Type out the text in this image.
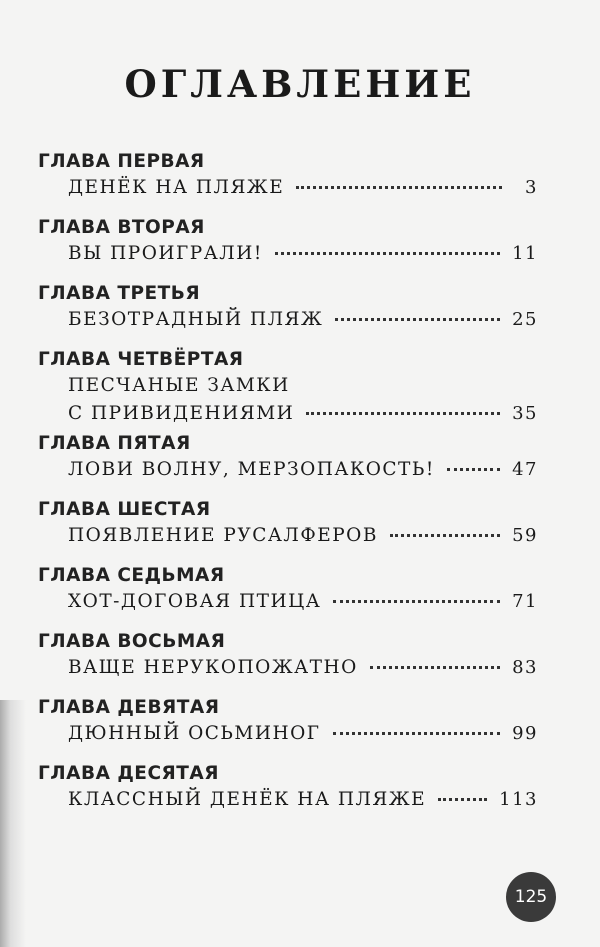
ОГЛАВЛЕНИЕ
ГЛАВА ПЕРВАЯ
ДЕНЁК НА ПЛЯЖЕ	3
ГЛАВА ВТОРАЯ
ВЫ ПРОИГРАЛИ!	11
ГЛАВА ТРЕТЬЯ
БЕЗОТРАДНЫЙ ПЛЯЖ	25
ГЛАВА ЧЕТВЁРТАЯ
ПЕСЧАНЫЕ ЗАМКИ
С ПРИВИДЕНИЯМИ	35
ГЛАВА ПЯТАЯ
ЛОВИ ВОЛНУ, МЕРЗОПАКОСТЬ!	47
ГЛАВА ШЕСТАЯ
ПОЯВЛЕНИЕ РУСАЛФЕРОВ	59
ГЛАВА СЕДЬМАЯ
ХОТ-ДОГОВАЯ ПТИЦА	71
ГЛАВА ВОСЬМАЯ
ВАЩЕ НЕРУКОПОЖАТНО	83
ГЛАВА ДЕВЯТАЯ
ДЮННЫЙ ОСЬМИНОГ	99
ГЛАВА ДЕСЯТАЯ
КЛАССНЫЙ ДЕНЁК НА ПЛЯЖЕ	113
125
